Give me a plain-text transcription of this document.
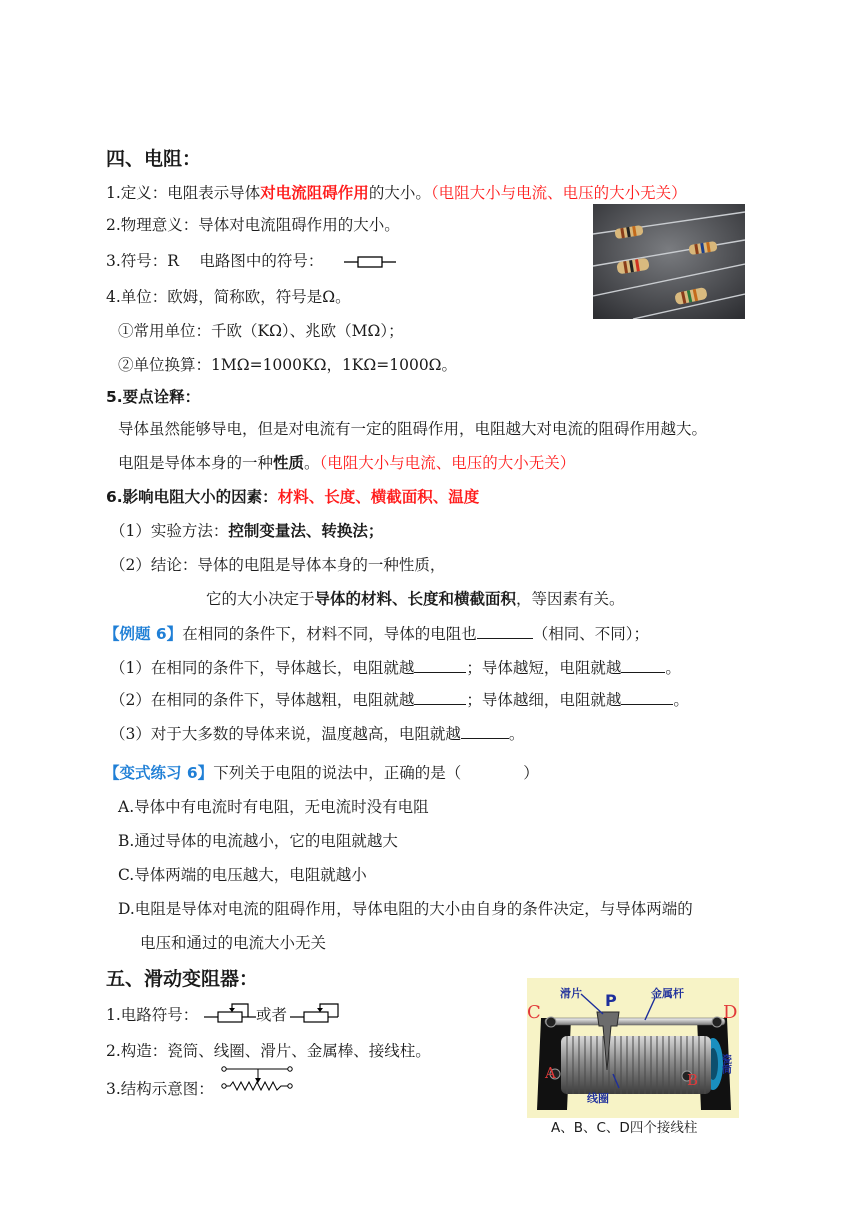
四、电阻：
1.定义：电阻表示导体对电流阻碍作用的大小。（电阻大小与电流、电压的大小无关）
2.物理意义：导体对电流阻碍作用的大小。
3.符号：R　 电路图中的符号：
4.单位：欧姆，简称欧，符号是Ω。
①常用单位：千欧（KΩ）、兆欧（MΩ）；
②单位换算：1MΩ=1000KΩ，1KΩ=1000Ω。
5.要点诠释：
导体虽然能够导电，但是对电流有一定的阻碍作用，电阻越大对电流的阻碍作用越大。
电阻是导体本身的一种性质。（电阻大小与电流、电压的大小无关）
6.影响电阻大小的因素：材料、长度、横截面积、温度
（1）实验方法：控制变量法、转换法；
（2）结论：导体的电阻是导体本身的一种性质，
它的大小决定于导体的材料、长度和横截面积，等因素有关。
【例题 6】在相同的条件下，材料不同，导体的电阻也	（相同、不同）；
（1）在相同的条件下，导体越长，电阻就越	；导体越短，电阻就越	。
（2）在相同的条件下，导体越粗，电阻就越	；导体越细，电阻就越	。
（3）对于大多数的导体来说，温度越高，电阻就越	。
【变式练习 6】下列关于电阻的说法中，正确的是（　　　　）
A.导体中有电流时有电阻，无电流时没有电阻
B.通过导体的电流越小，它的电阻就越大
C.导体两端的电压越大，电阻就越小
D.电阻是导体对电流的阻碍作用，导体电阻的大小由自身的条件决定，与导体两端的
电压和通过的电流大小无关
五、滑动变阻器：
1.电路符号：	或者
2.构造：瓷筒、线圈、滑片、金属棒、接线柱。
3.结构示意图：
滑片 P	金属杆
C	D
A	B
线圈
瓷筒
A、B、C、D四个接线柱
